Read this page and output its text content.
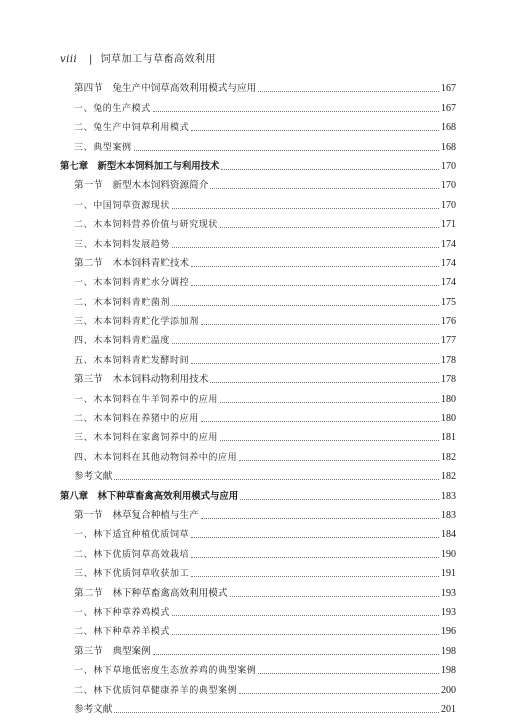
viii | 饲草加工与草畜高效利用
第四节　兔生产中饲草高效利用模式与应用	167
一、兔的生产模式	167
二、兔生产中饲草利用模式	168
三、典型案例	168
第七章　新型木本饲料加工与利用技术	170
第一节　新型木本饲料资源简介	170
一、中国饲草资源现状	170
二、木本饲料营养价值与研究现状	171
三、木本饲料发展趋势	174
第二节　木本饲料青贮技术	174
一、木本饲料青贮水分调控	174
二、木本饲料青贮菌剂	175
三、木本饲料青贮化学添加剂	176
四、木本饲料青贮温度	177
五、木本饲料青贮发酵时间	178
第三节　木本饲料动物利用技术	178
一、木本饲料在牛羊饲养中的应用	180
二、木本饲料在养猪中的应用	180
三、木本饲料在家禽饲养中的应用	181
四、木本饲料在其他动物饲养中的应用	182
参考文献	182
第八章　林下种草畜禽高效利用模式与应用	183
第一节　林草复合种植与生产	183
一、林下适宜种植优质饲草	184
二、林下优质饲草高效栽培	190
三、林下优质饲草收获加工	191
第二节　林下种草畜禽高效利用模式	193
一、林下种草养鸡模式	193
二、林下种草养羊模式	196
第三节　典型案例	198
一、林下草地低密度生态放养鸡的典型案例	198
二、林下优质饲草健康养羊的典型案例	200
参考文献	201
